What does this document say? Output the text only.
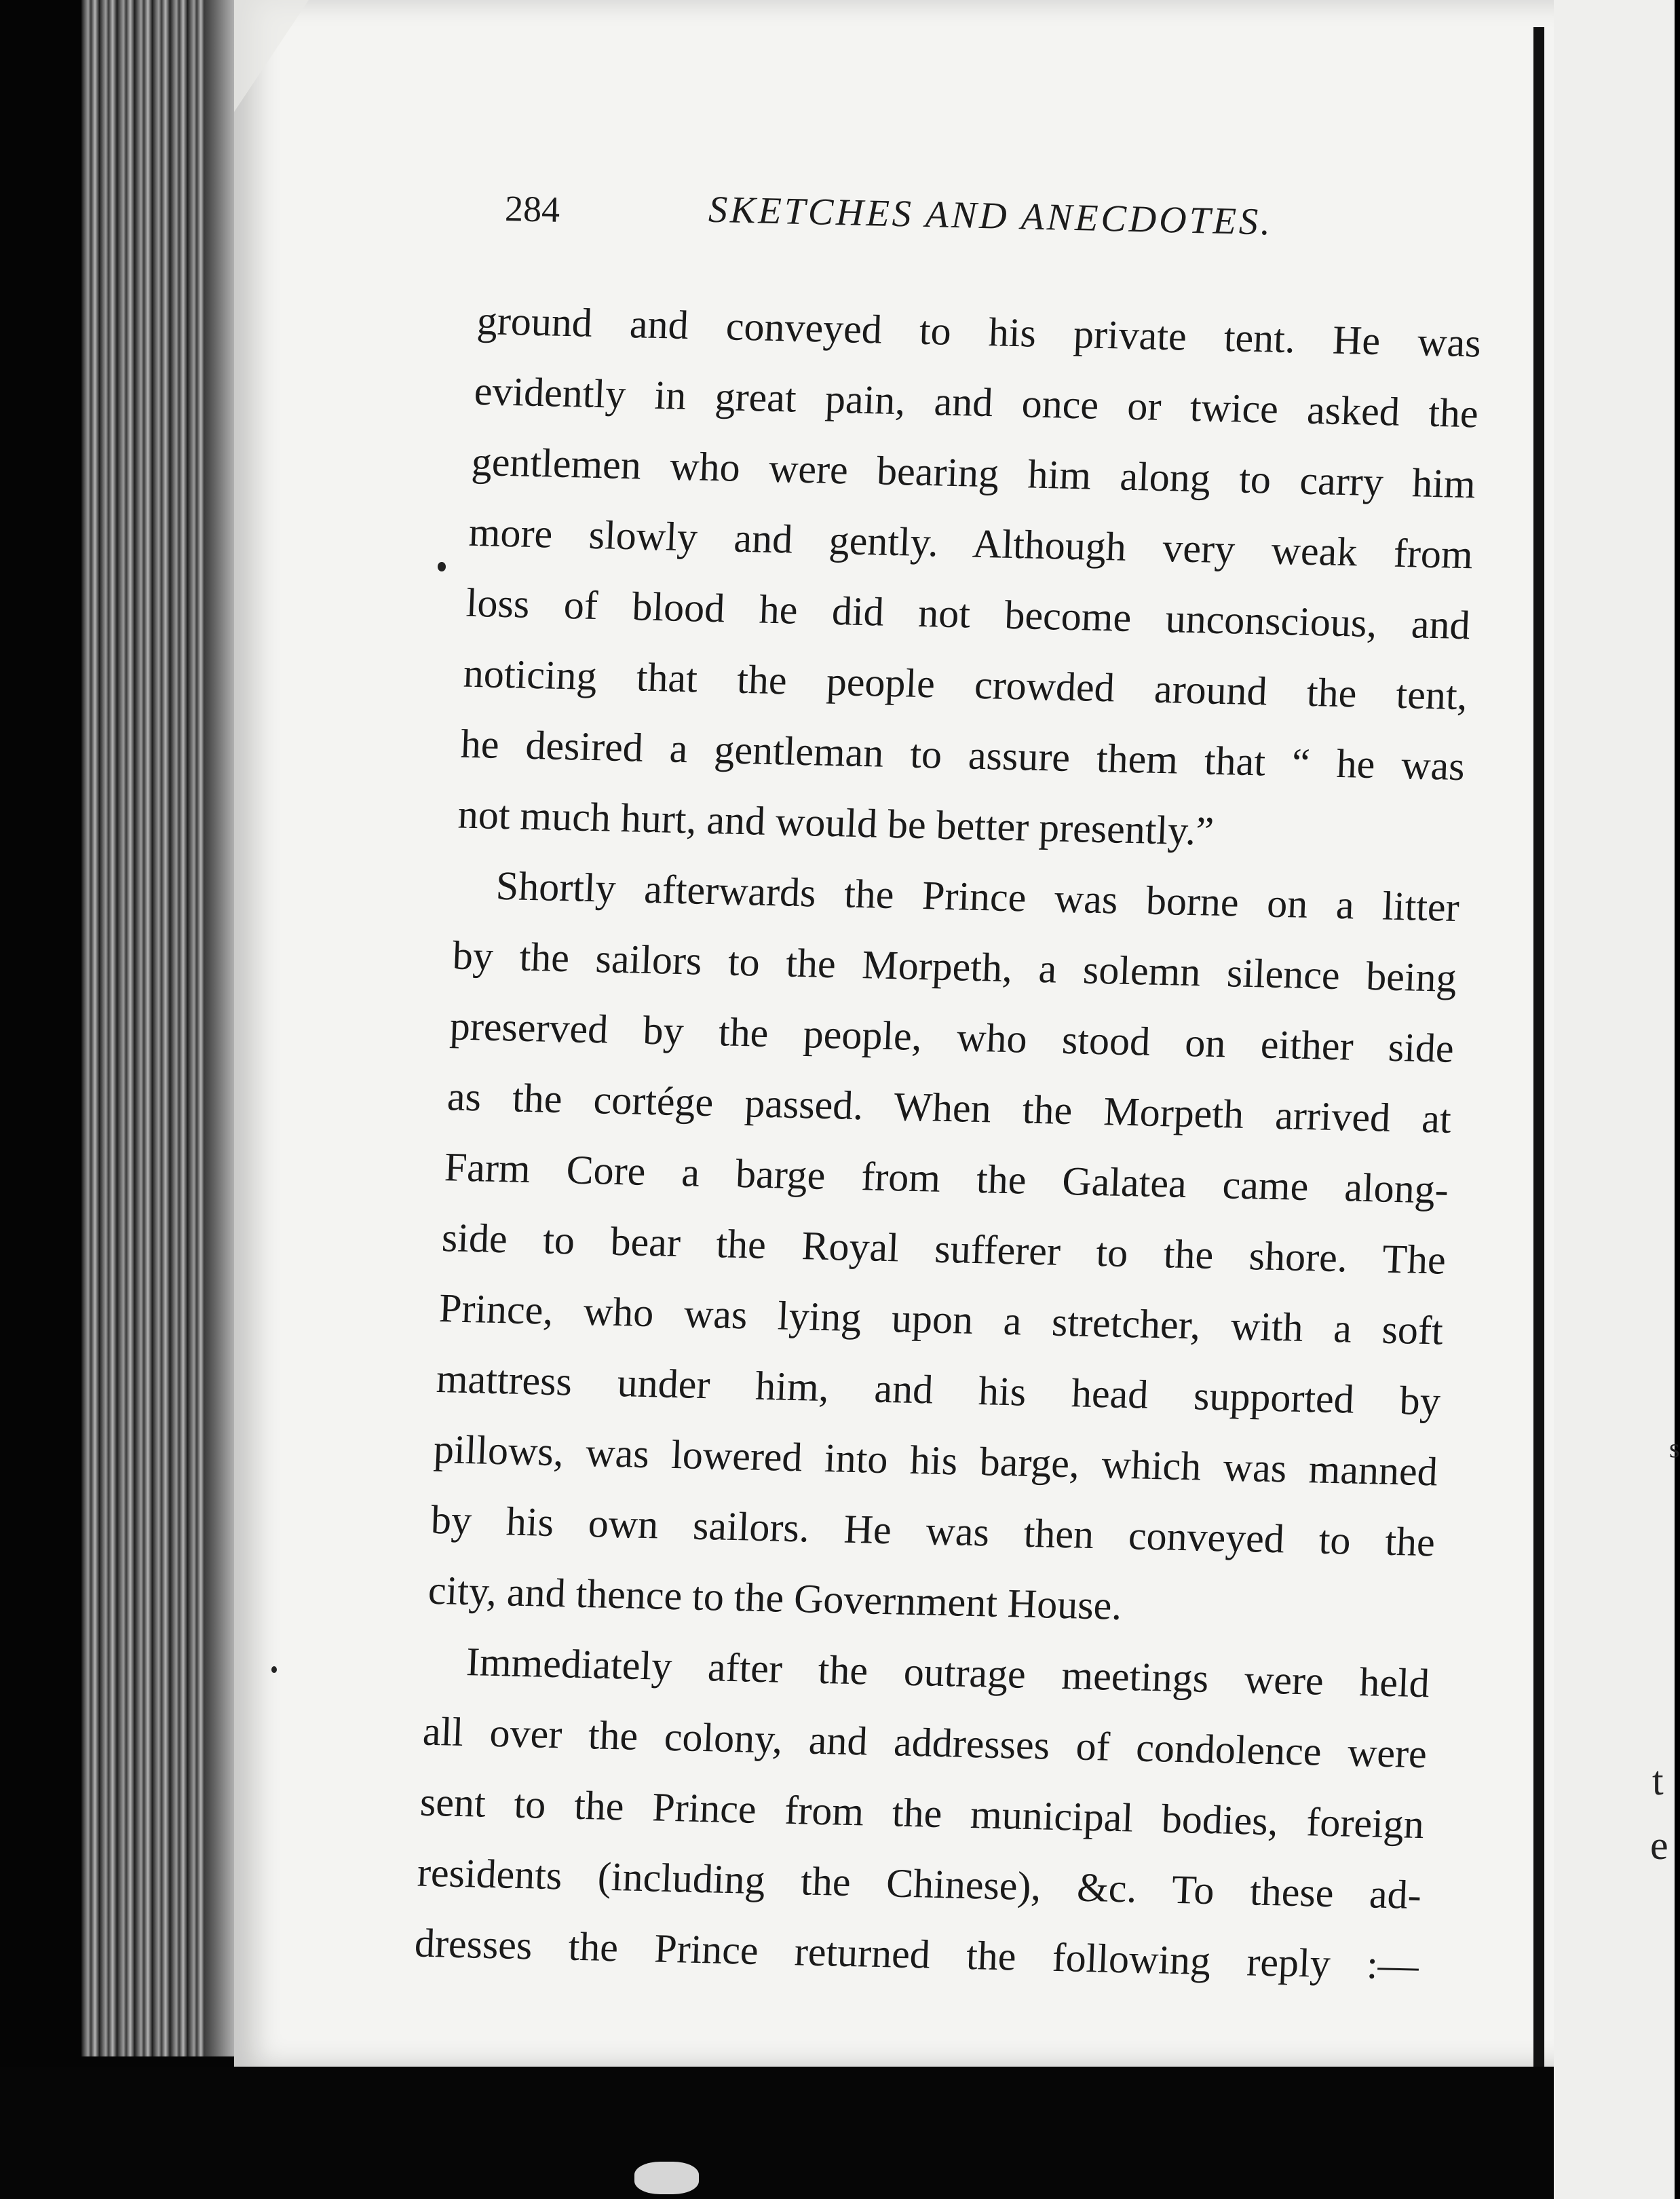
s
t
e
284	SKETCHES AND ANECDOTES.
ground and conveyed to his private tent. He was
evidently in great pain, and once or twice asked the
gentlemen who were bearing him along to carry him
more slowly and gently. Although very weak from
loss of blood he did not become unconscious, and
noticing that the people crowded around the tent,
he desired a gentleman to assure them that “ he was
not much hurt, and would be better presently.”
Shortly afterwards the Prince was borne on a litter
by the sailors to the Morpeth, a solemn silence being
preserved by the people, who stood on either side
as the cortége passed. When the Morpeth arrived at
Farm Core a barge from the Galatea came along-
side to bear the Royal sufferer to the shore. The
Prince, who was lying upon a stretcher, with a soft
mattress under him, and his head supported by
pillows, was lowered into his barge, which was manned
by his own sailors. He was then conveyed to the
city, and thence to the Government House.
Immediately after the outrage meetings were held
all over the colony, and addresses of condolence were
sent to the Prince from the municipal bodies, foreign
residents (including the Chinese), &c. To these ad-
dresses the Prince returned the following reply :—
